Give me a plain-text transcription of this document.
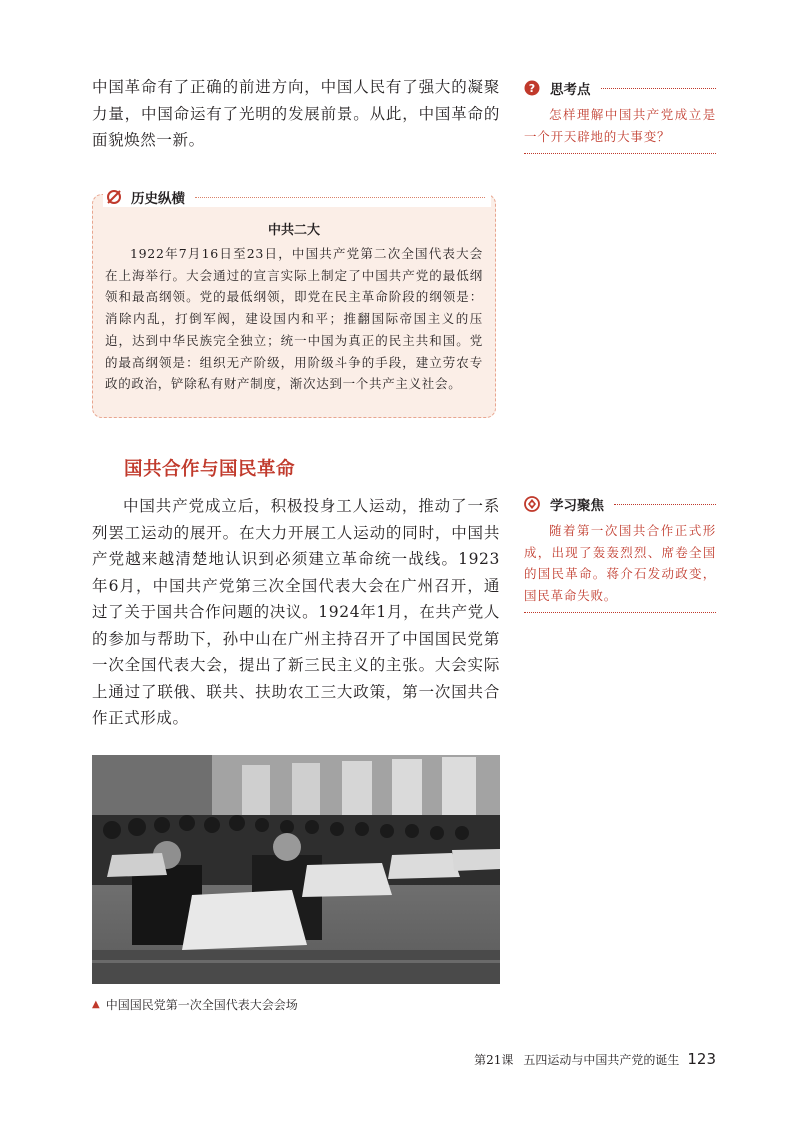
中国革命有了正确的前进方向，中国人民有了强大的凝聚力量，中国命运有了光明的发展前景。从此，中国革命的面貌焕然一新。

? 思考点

怎样理解中国共产党成立是一个开天辟地的大事变？

历史纵横

中共二大

1922年7月16日至23日，中国共产党第二次全国代表大会在上海举行。大会通过的宣言实际上制定了中国共产党的最低纲领和最高纲领。党的最低纲领，即党在民主革命阶段的纲领是：消除内乱，打倒军阀，建设国内和平；推翻国际帝国主义的压迫，达到中华民族完全独立；统一中国为真正的民主共和国。党的最高纲领是：组织无产阶级，用阶级斗争的手段，建立劳农专政的政治，铲除私有财产制度，渐次达到一个共产主义社会。

国共合作与国民革命

中国共产党成立后，积极投身工人运动，推动了一系列罢工运动的展开。在大力开展工人运动的同时，中国共产党越来越清楚地认识到必须建立革命统一战线。1923年6月，中国共产党第三次全国代表大会在广州召开，通过了关于国共合作问题的决议。1924年1月，在共产党人的参加与帮助下，孙中山在广州主持召开了中国国民党第一次全国代表大会，提出了新三民主义的主张。大会实际上通过了联俄、联共、扶助农工三大政策，第一次国共合作正式形成。

学习聚焦

随着第一次国共合作正式形成，出现了轰轰烈烈、席卷全国的国民革命。蒋介石发动政变，国民革命失败。

▲ 中国国民党第一次全国代表大会会场
第21课 五四运动与中国共产党的诞生 123
